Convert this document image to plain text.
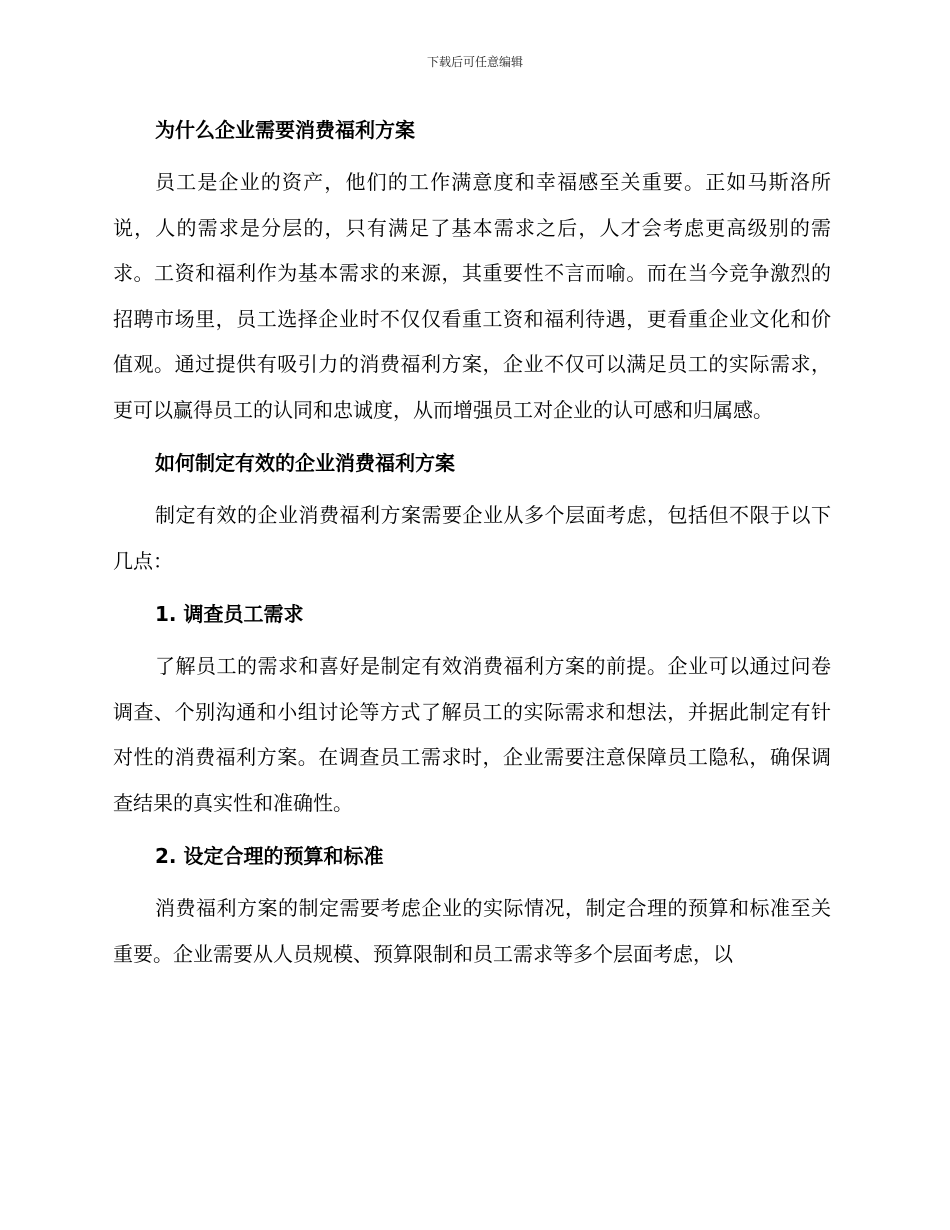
下载后可任意编辑
为什么企业需要消费福利方案

员工是企业的资产，他们的工作满意度和幸福感至关重要。正如马斯洛所说，人的需求是分层的，只有满足了基本需求之后，人才会考虑更高级别的需求。工资和福利作为基本需求的来源，其重要性不言而喻。而在当今竞争激烈的招聘市场里，员工选择企业时不仅仅看重工资和福利待遇，更看重企业文化和价值观。通过提供有吸引力的消费福利方案，企业不仅可以满足员工的实际需求，更可以赢得员工的认同和忠诚度，从而增强员工对企业的认可感和归属感。

如何制定有效的企业消费福利方案

制定有效的企业消费福利方案需要企业从多个层面考虑，包括但不限于以下几点：

1. 调查员工需求

了解员工的需求和喜好是制定有效消费福利方案的前提。企业可以通过问卷调查、个别沟通和小组讨论等方式了解员工的实际需求和想法，并据此制定有针对性的消费福利方案。在调查员工需求时，企业需要注意保障员工隐私，确保调查结果的真实性和准确性。

2. 设定合理的预算和标准

消费福利方案的制定需要考虑企业的实际情况，制定合理的预算和标准至关重要。企业需要从人员规模、预算限制和员工需求等多个层面考虑，以
